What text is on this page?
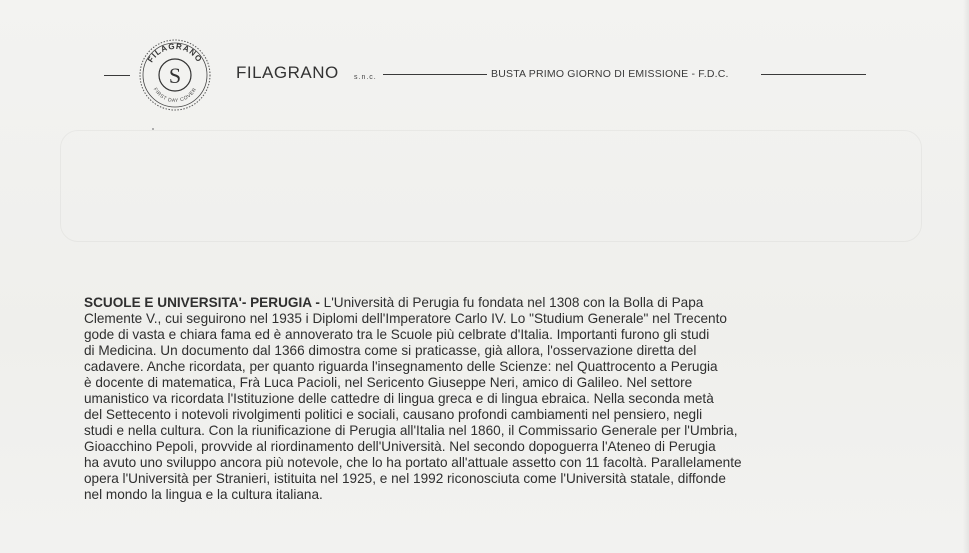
FILAGRANO
FIRST DAY COVER
S	FILAGRANO s.n.c.	BUSTA PRIMO GIORNO DI EMISSIONE - F.D.C.
SCUOLE E UNIVERSITA'- PERUGIA - L'Università di Perugia fu fondata nel 1308 con la Bolla di Papa
Clemente V., cui seguirono nel 1935 i Diplomi dell'Imperatore Carlo IV. Lo "Studium Generale" nel Trecento
gode di vasta e chiara fama ed è annoverato tra le Scuole più celbrate d'Italia. Importanti furono gli studi
di Medicina. Un documento dal 1366 dimostra come si praticasse, già allora, l'osservazione diretta del
cadavere. Anche ricordata, per quanto riguarda l'insegnamento delle Scienze: nel Quattrocento a Perugia
è docente di matematica, Frà Luca Pacioli, nel Sericento Giuseppe Neri, amico di Galileo. Nel settore
umanistico va ricordata l'Istituzione delle cattedre di lingua greca e di lingua ebraica. Nella seconda metà
del Settecento i notevoli rivolgimenti politici e sociali, causano profondi cambiamenti nel pensiero, negli
studi e nella cultura. Con la riunificazione di Perugia all'Italia nel 1860, il Commissario Generale per l'Umbria,
Gioacchino Pepoli, provvide al riordinamento dell'Università. Nel secondo dopoguerra l'Ateneo di Perugia
ha avuto uno sviluppo ancora più notevole, che lo ha portato all'attuale assetto con 11 facoltà. Parallelamente
opera l'Università per Stranieri, istituita nel 1925, e nel 1992 riconosciuta come l'Università statale, diffonde
nel mondo la lingua e la cultura italiana.
